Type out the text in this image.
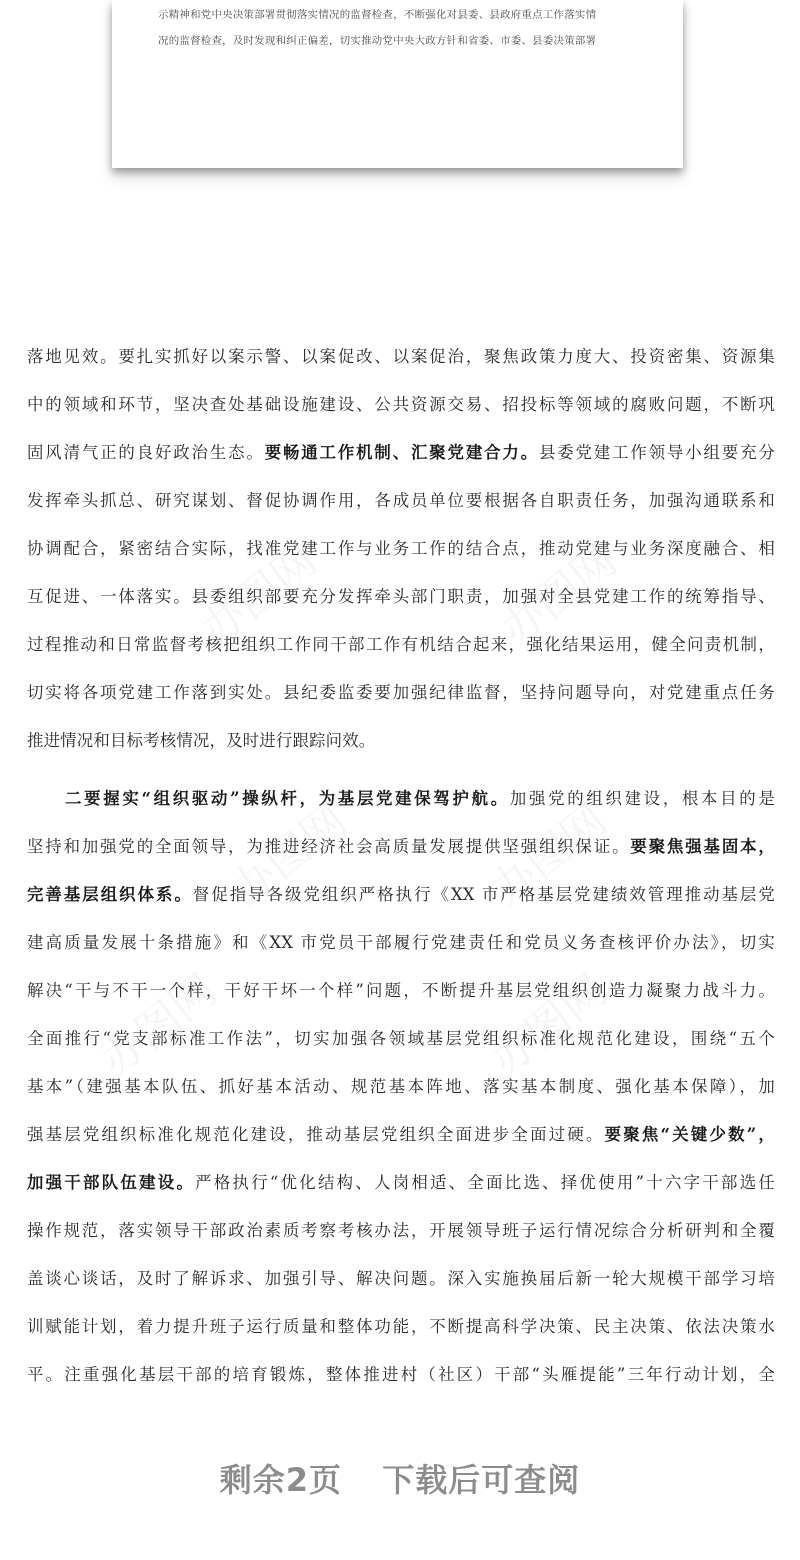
示精神和党中央决策部署贯彻落实情况的监督检查，不断强化对县委、县政府重点工作落实情
况的监督检查，及时发现和纠正偏差，切实推动党中央大政方针和省委、市委、县委决策部署
办图网	办图网
办图网	办图网
办图网	办图网
落地见效。要扎实抓好以案示警、以案促改、以案促治，聚焦政策力度大、投资密集、资源集
中的领域和环节，坚决查处基础设施建设、公共资源交易、招投标等领域的腐败问题，不断巩
固风清气正的良好政治生态。要畅通工作机制、汇聚党建合力。县委党建工作领导小组要充分
发挥牵头抓总、研究谋划、督促协调作用，各成员单位要根据各自职责任务，加强沟通联系和
协调配合，紧密结合实际，找准党建工作与业务工作的结合点，推动党建与业务深度融合、相
互促进、一体落实。县委组织部要充分发挥牵头部门职责，加强对全县党建工作的统筹指导、
过程推动和日常监督考核把组织工作同干部工作有机结合起来，强化结果运用，健全问责机制，
切实将各项党建工作落到实处。县纪委监委要加强纪律监督，坚持问题导向，对党建重点任务
推进情况和目标考核情况，及时进行跟踪问效。
二要握实“组织驱动”操纵杆，为基层党建保驾护航。加强党的组织建设，根本目的是
坚持和加强党的全面领导，为推进经济社会高质量发展提供坚强组织保证。要聚焦强基固本，
完善基层组织体系。督促指导各级党组织严格执行《XX 市严格基层党建绩效管理推动基层党
建高质量发展十条措施》和《XX 市党员干部履行党建责任和党员义务查核评价办法》，切实
解决“干与不干一个样，干好干坏一个样”问题，不断提升基层党组织创造力凝聚力战斗力。
全面推行“党支部标准工作法”，切实加强各领域基层党组织标准化规范化建设，围绕“五个
基本”（建强基本队伍、抓好基本活动、规范基本阵地、落实基本制度、强化基本保障），加
强基层党组织标准化规范化建设，推动基层党组织全面进步全面过硬。要聚焦“关键少数”，
加强干部队伍建设。严格执行“优化结构、人岗相适、全面比选、择优使用”十六字干部选任
操作规范，落实领导干部政治素质考察考核办法，开展领导班子运行情况综合分析研判和全覆
盖谈心谈话，及时了解诉求、加强引导、解决问题。深入实施换届后新一轮大规模干部学习培
训赋能计划，着力提升班子运行质量和整体功能，不断提高科学决策、民主决策、依法决策水
平。注重强化基层干部的培育锻炼，整体推进村（社区）干部“头雁提能”三年行动计划，全
剩余2页 下载后可查阅
